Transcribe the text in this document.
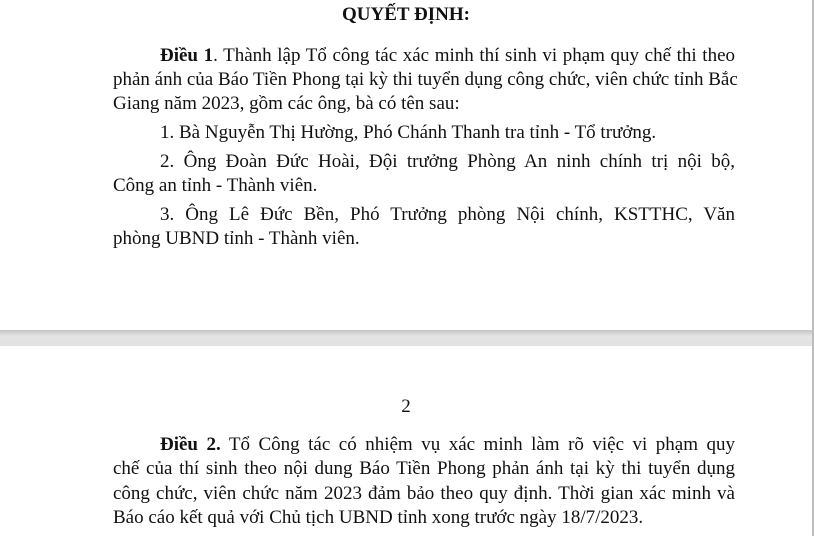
QUYẾT ĐỊNH:
Điều 1. Thành lập Tổ công tác xác minh thí sinh vi phạm quy chế thi theo
phản ánh của Báo Tiền Phong tại kỳ thi tuyển dụng công chức, viên chức tỉnh Bắc
Giang năm 2023, gồm các ông, bà có tên sau:
1. Bà Nguyễn Thị Hường, Phó Chánh Thanh tra tỉnh - Tổ trưởng.
2. Ông Đoàn Đức Hoài, Đội trưởng Phòng An ninh chính trị nội bộ,
Công an tỉnh - Thành viên.
3. Ông Lê Đức Bền, Phó Trưởng phòng Nội chính, KSTTHC, Văn
phòng UBND tỉnh - Thành viên.
2
Điều 2. Tổ Công tác có nhiệm vụ xác minh làm rõ việc vi phạm quy
chế của thí sinh theo nội dung Báo Tiền Phong phản ánh tại kỳ thi tuyển dụng
công chức, viên chức năm 2023 đảm bảo theo quy định. Thời gian xác minh và
Báo cáo kết quả với Chủ tịch UBND tỉnh xong trước ngày 18/7/2023.
